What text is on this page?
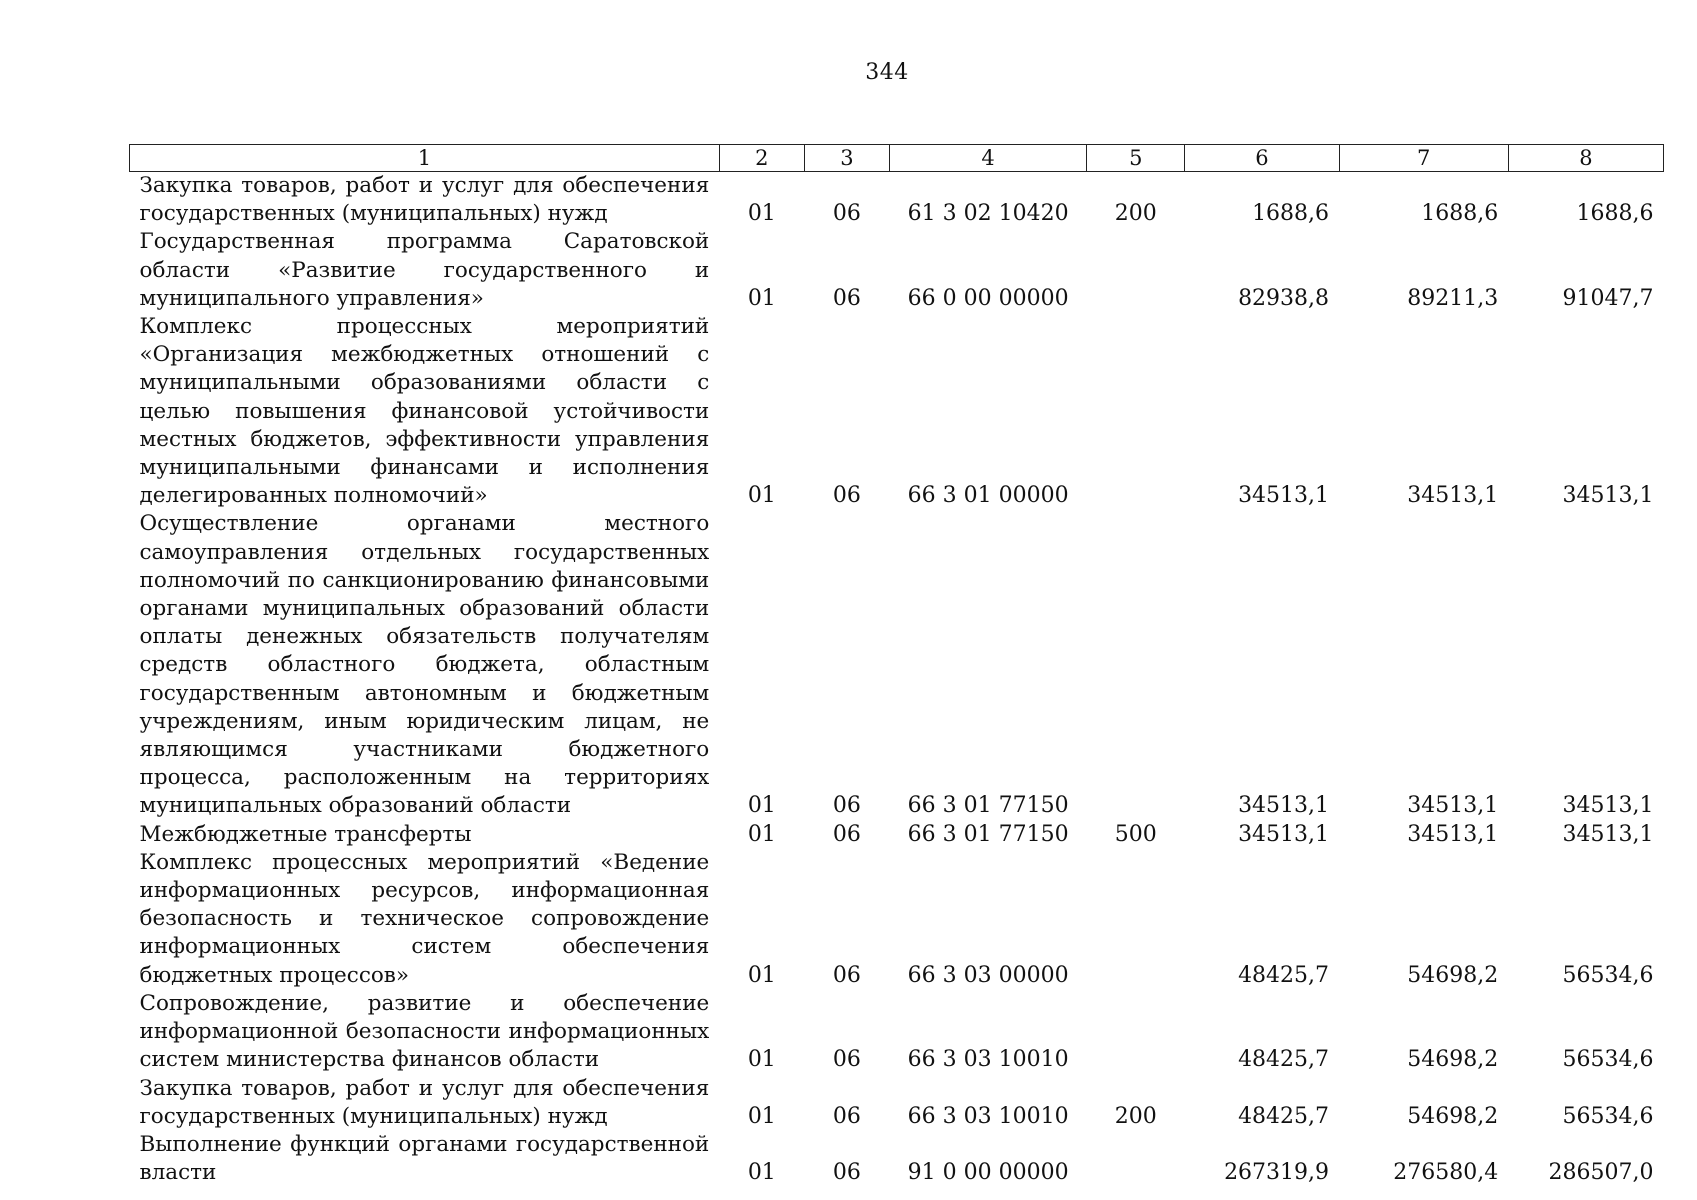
344
1	2	3	4	5	6	7	8
Закупка товаров, работ и услуг для обеспечения государственных (муниципальных) нужд	01	06	61 3 02 10420	200	1688,6	1688,6	1688,6
Государственная программа Саратовской области «Развитие государственного и муниципального управления»	01	06	66 0 00 00000		82938,8	89211,3	91047,7
Комплекс процессных мероприятий «Организация межбюджетных отношений с муниципальными образованиями области с целью повышения финансовой устойчивости местных бюджетов, эффективности управления муниципальными финансами и исполнения делегированных полномочий»	01	06	66 3 01 00000		34513,1	34513,1	34513,1
Осуществление органами местного самоуправления отдельных государственных полномочий по санкционированию финансовыми органами муниципальных образований области оплаты денежных обязательств получателям средств областного бюджета, областным государственным автономным и бюджетным учреждениям, иным юридическим лицам, не являющимся участниками бюджетного процесса, расположенным на территориях муниципальных образований области	01	06	66 3 01 77150		34513,1	34513,1	34513,1
Межбюджетные трансферты	01	06	66 3 01 77150	500	34513,1	34513,1	34513,1
Комплекс процессных мероприятий «Ведение информационных ресурсов, информационная безопасность и техническое сопровождение информационных систем обеспечения бюджетных процессов»	01	06	66 3 03 00000		48425,7	54698,2	56534,6
Сопровождение, развитие и обеспечение информационной безопасности информационных систем министерства финансов области	01	06	66 3 03 10010		48425,7	54698,2	56534,6
Закупка товаров, работ и услуг для обеспечения государственных (муниципальных) нужд	01	06	66 3 03 10010	200	48425,7	54698,2	56534,6
Выполнение функций органами государственной власти	01	06	91 0 00 00000		267319,9	276580,4	286507,0
